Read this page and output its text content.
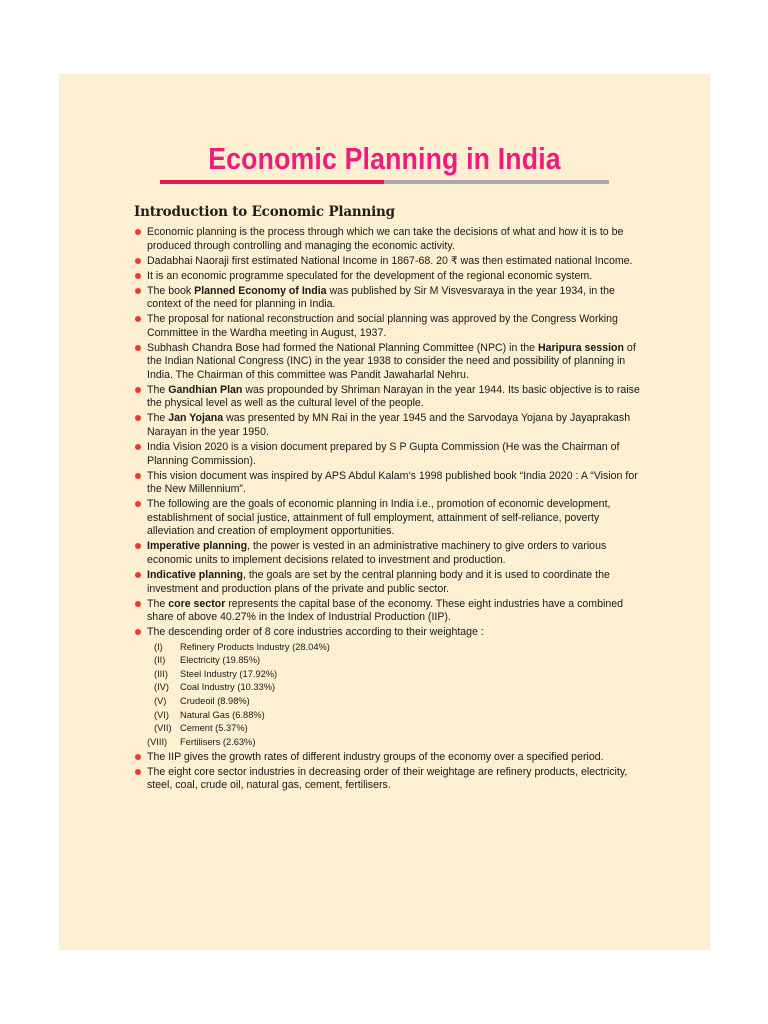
Economic Planning in India
Introduction to Economic Planning
Economic planning is the process through which we can take the decisions of what and how it is to be produced through controlling and managing the economic activity.
Dadabhai Naoraji first estimated National Income in 1867-68. 20 ₹ was then estimated national Income.
It is an economic programme speculated for the development of the regional economic system.
The book Planned Economy of India was published by Sir M Visvesvaraya in the year 1934, in the context of the need for planning in India.
The proposal for national reconstruction and social planning was approved by the Congress Working Committee in the Wardha meeting in August, 1937.
Subhash Chandra Bose had formed the National Planning Committee (NPC) in the Haripura session of the Indian National Congress (INC) in the year 1938 to consider the need and possibility of planning in India. The Chairman of this committee was Pandit Jawaharlal Nehru.
The Gandhian Plan was propounded by Shriman Narayan in the year 1944. Its basic objective is to raise the physical level as well as the cultural level of the people.
The Jan Yojana was presented by MN Rai in the year 1945 and the Sarvodaya Yojana by Jayaprakash Narayan in the year 1950.
India Vision 2020 is a vision document prepared by S P Gupta Commission (He was the Chairman of Planning Commission).
This vision document was inspired by APS Abdul Kalam’s 1998 published book “India 2020 : A “Vision for the New Millennium”.
The following are the goals of economic planning in India i.e., promotion of economic development, establishment of social justice, attainment of full employment, attainment of self-reliance, poverty alleviation and creation of employment opportunities.
Imperative planning, the power is vested in an administrative machinery to give orders to various economic units to implement decisions related to investment and production.
Indicative planning, the goals are set by the central planning body and it is used to coordinate the investment and production plans of the private and public sector.
The core sector represents the capital base of the economy. These eight industries have a combined share of above 40.27% in the Index of Industrial Production (IIP).
The descending order of 8 core industries according to their weightage :
(I)	Refinery Products Industry (28.04%)
(II)	Electricity (19.85%)
(III)	Steel Industry (17.92%)
(IV)	Coal Industry (10.33%)
(V)	Crudeoil (8.98%)
(VI)	Natural Gas (6.88%)
(VII) Cement (5.37%)
(VIII)	Fertilisers (2.63%)
The IIP gives the growth rates of different industry groups of the economy over a specified period.
The eight core sector industries in decreasing order of their weightage are refinery products, electricity, steel, coal, crude oil, natural gas, cement, fertilisers.
